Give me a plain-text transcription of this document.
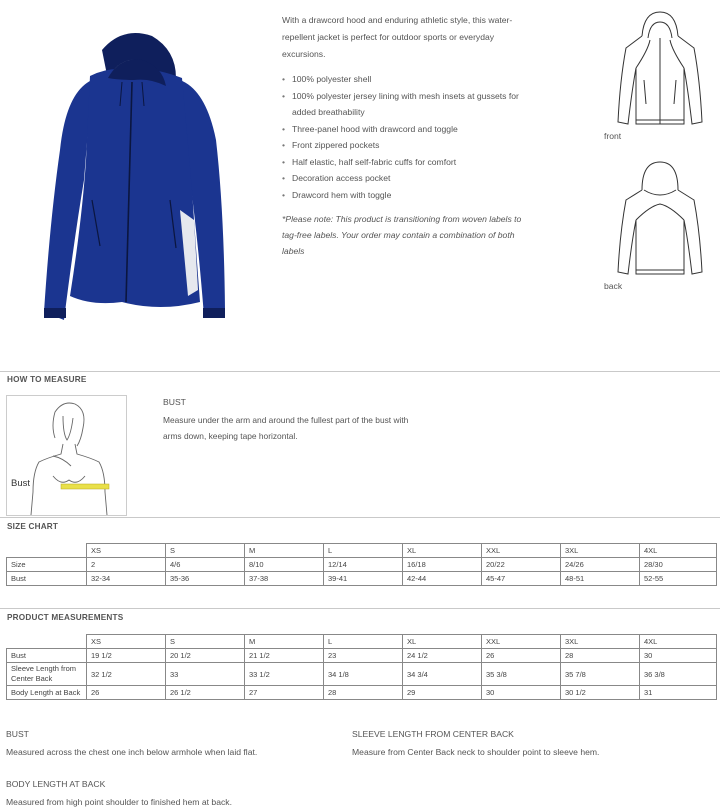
With a drawcord hood and enduring athletic style, this water-repellent jacket is perfect for outdoor sports or everyday excursions.

• 100% polyester shell
• 100% polyester jersey lining with mesh insets at gussets for added breathability
• Three-panel hood with drawcord and toggle
• Front zippered pockets
• Half elastic, half self-fabric cuffs for comfort
• Decoration access pocket
• Drawcord hem with toggle

*Please note: This product is transitioning from woven labels to tag-free labels. Your order may contain a combination of both labels

front
back
HOW TO MEASURE
Bust
BUST
Measure under the arm and around the fullest part of the bust with arms down, keeping tape horizontal.
SIZE CHART
	XS	S	M	L	XL	XXL	3XL	4XL
Size	2	4/6	8/10	12/14	16/18	20/22	24/26	28/30
Bust	32-34	35-36	37-38	39-41	42-44	45-47	48-51	52-55
PRODUCT MEASUREMENTS
	XS	S	M	L	XL	XXL	3XL	4XL
Bust	19 1/2	20 1/2	21 1/2	23	24 1/2	26	28	30
Sleeve Length from Center Back	32 1/2	33	33 1/2	34 1/8	34 3/4	35 3/8	35 7/8	36 3/8
Body Length at Back	26	26 1/2	27	28	29	30	30 1/2	31
BUST
Measured across the chest one inch below armhole when laid flat.
SLEEVE LENGTH FROM CENTER BACK
Measure from Center Back neck to shoulder point to sleeve hem.
BODY LENGTH AT BACK
Measured from high point shoulder to finished hem at back.
